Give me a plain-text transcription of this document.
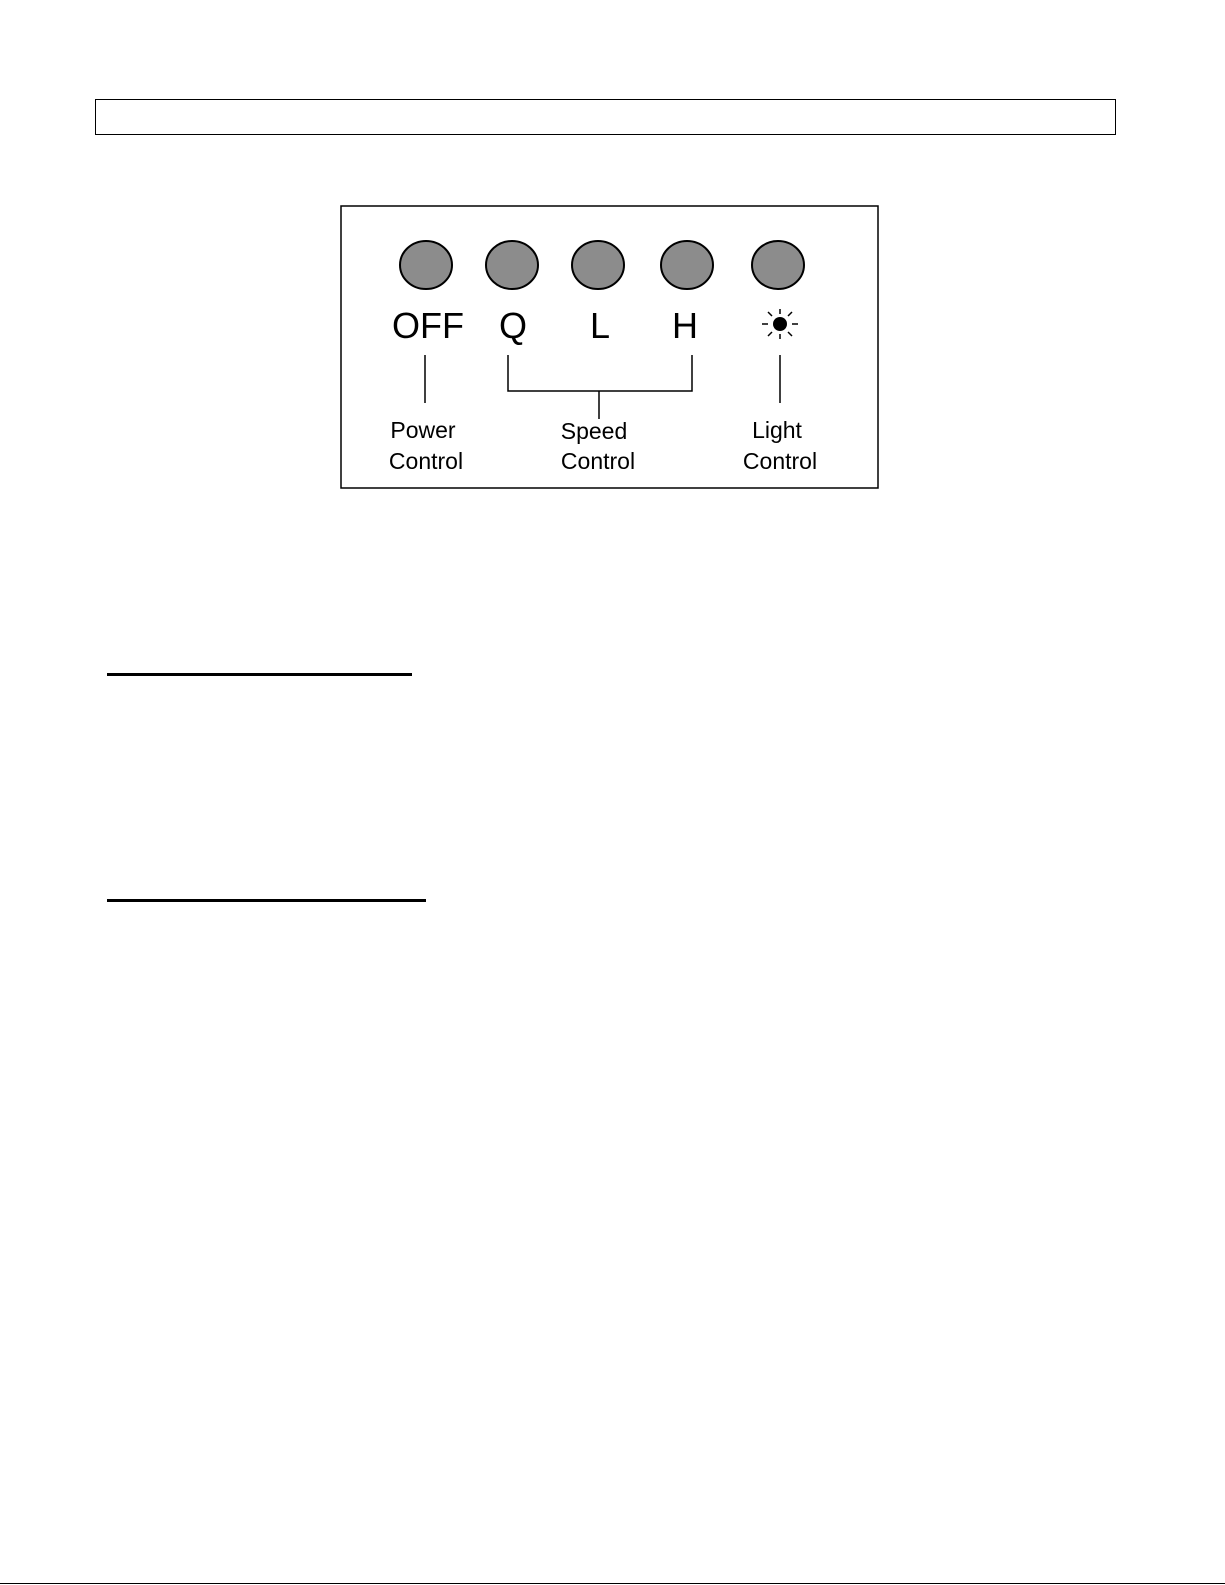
OFF Q L H
Power
Control
Speed
Control
Light
Control
